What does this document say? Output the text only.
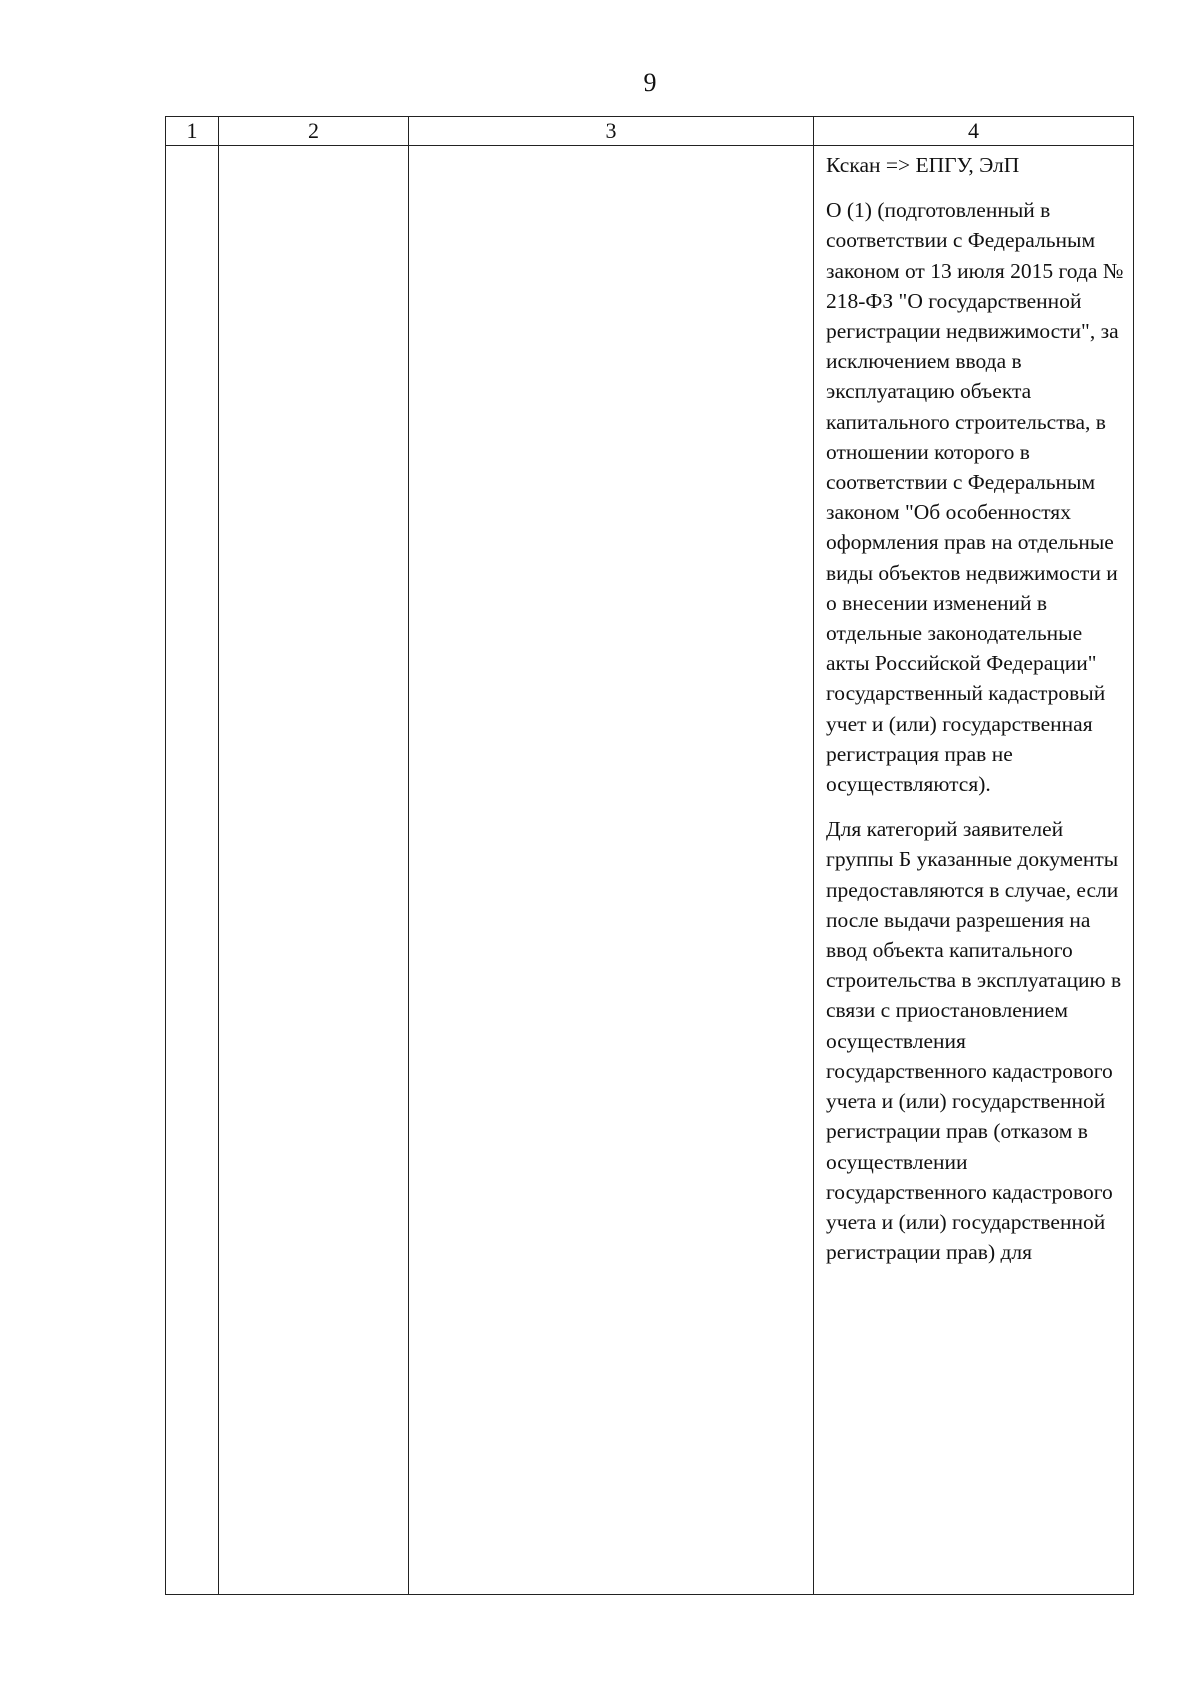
9
1	2	3	4

			Кскан => ЕПГУ, ЭлП

О (1) (подготовленный в соответствии с Федеральным законом от 13 июля 2015 года № 218-ФЗ "О государственной регистрации недвижимости", за исключением ввода в эксплуатацию объекта капитального строительства, в отношении которого в соответствии с Федеральным законом "Об особенностях оформления прав на отдельные виды объектов недвижимости и о внесении изменений в отдельные законодательные акты Российской Федерации" государственный кадастровый учет и (или) государственная регистрация прав не осуществляются).

Для категорий заявителей группы Б указанные документы предоставляются в случае, если после выдачи разрешения на ввод объекта капитального строительства в эксплуатацию в связи с приостановлением осуществления государственного кадастрового учета и (или) государственной регистрации прав (отказом в осуществлении государственного кадастрового учета и (или) государственной регистрации прав) для
